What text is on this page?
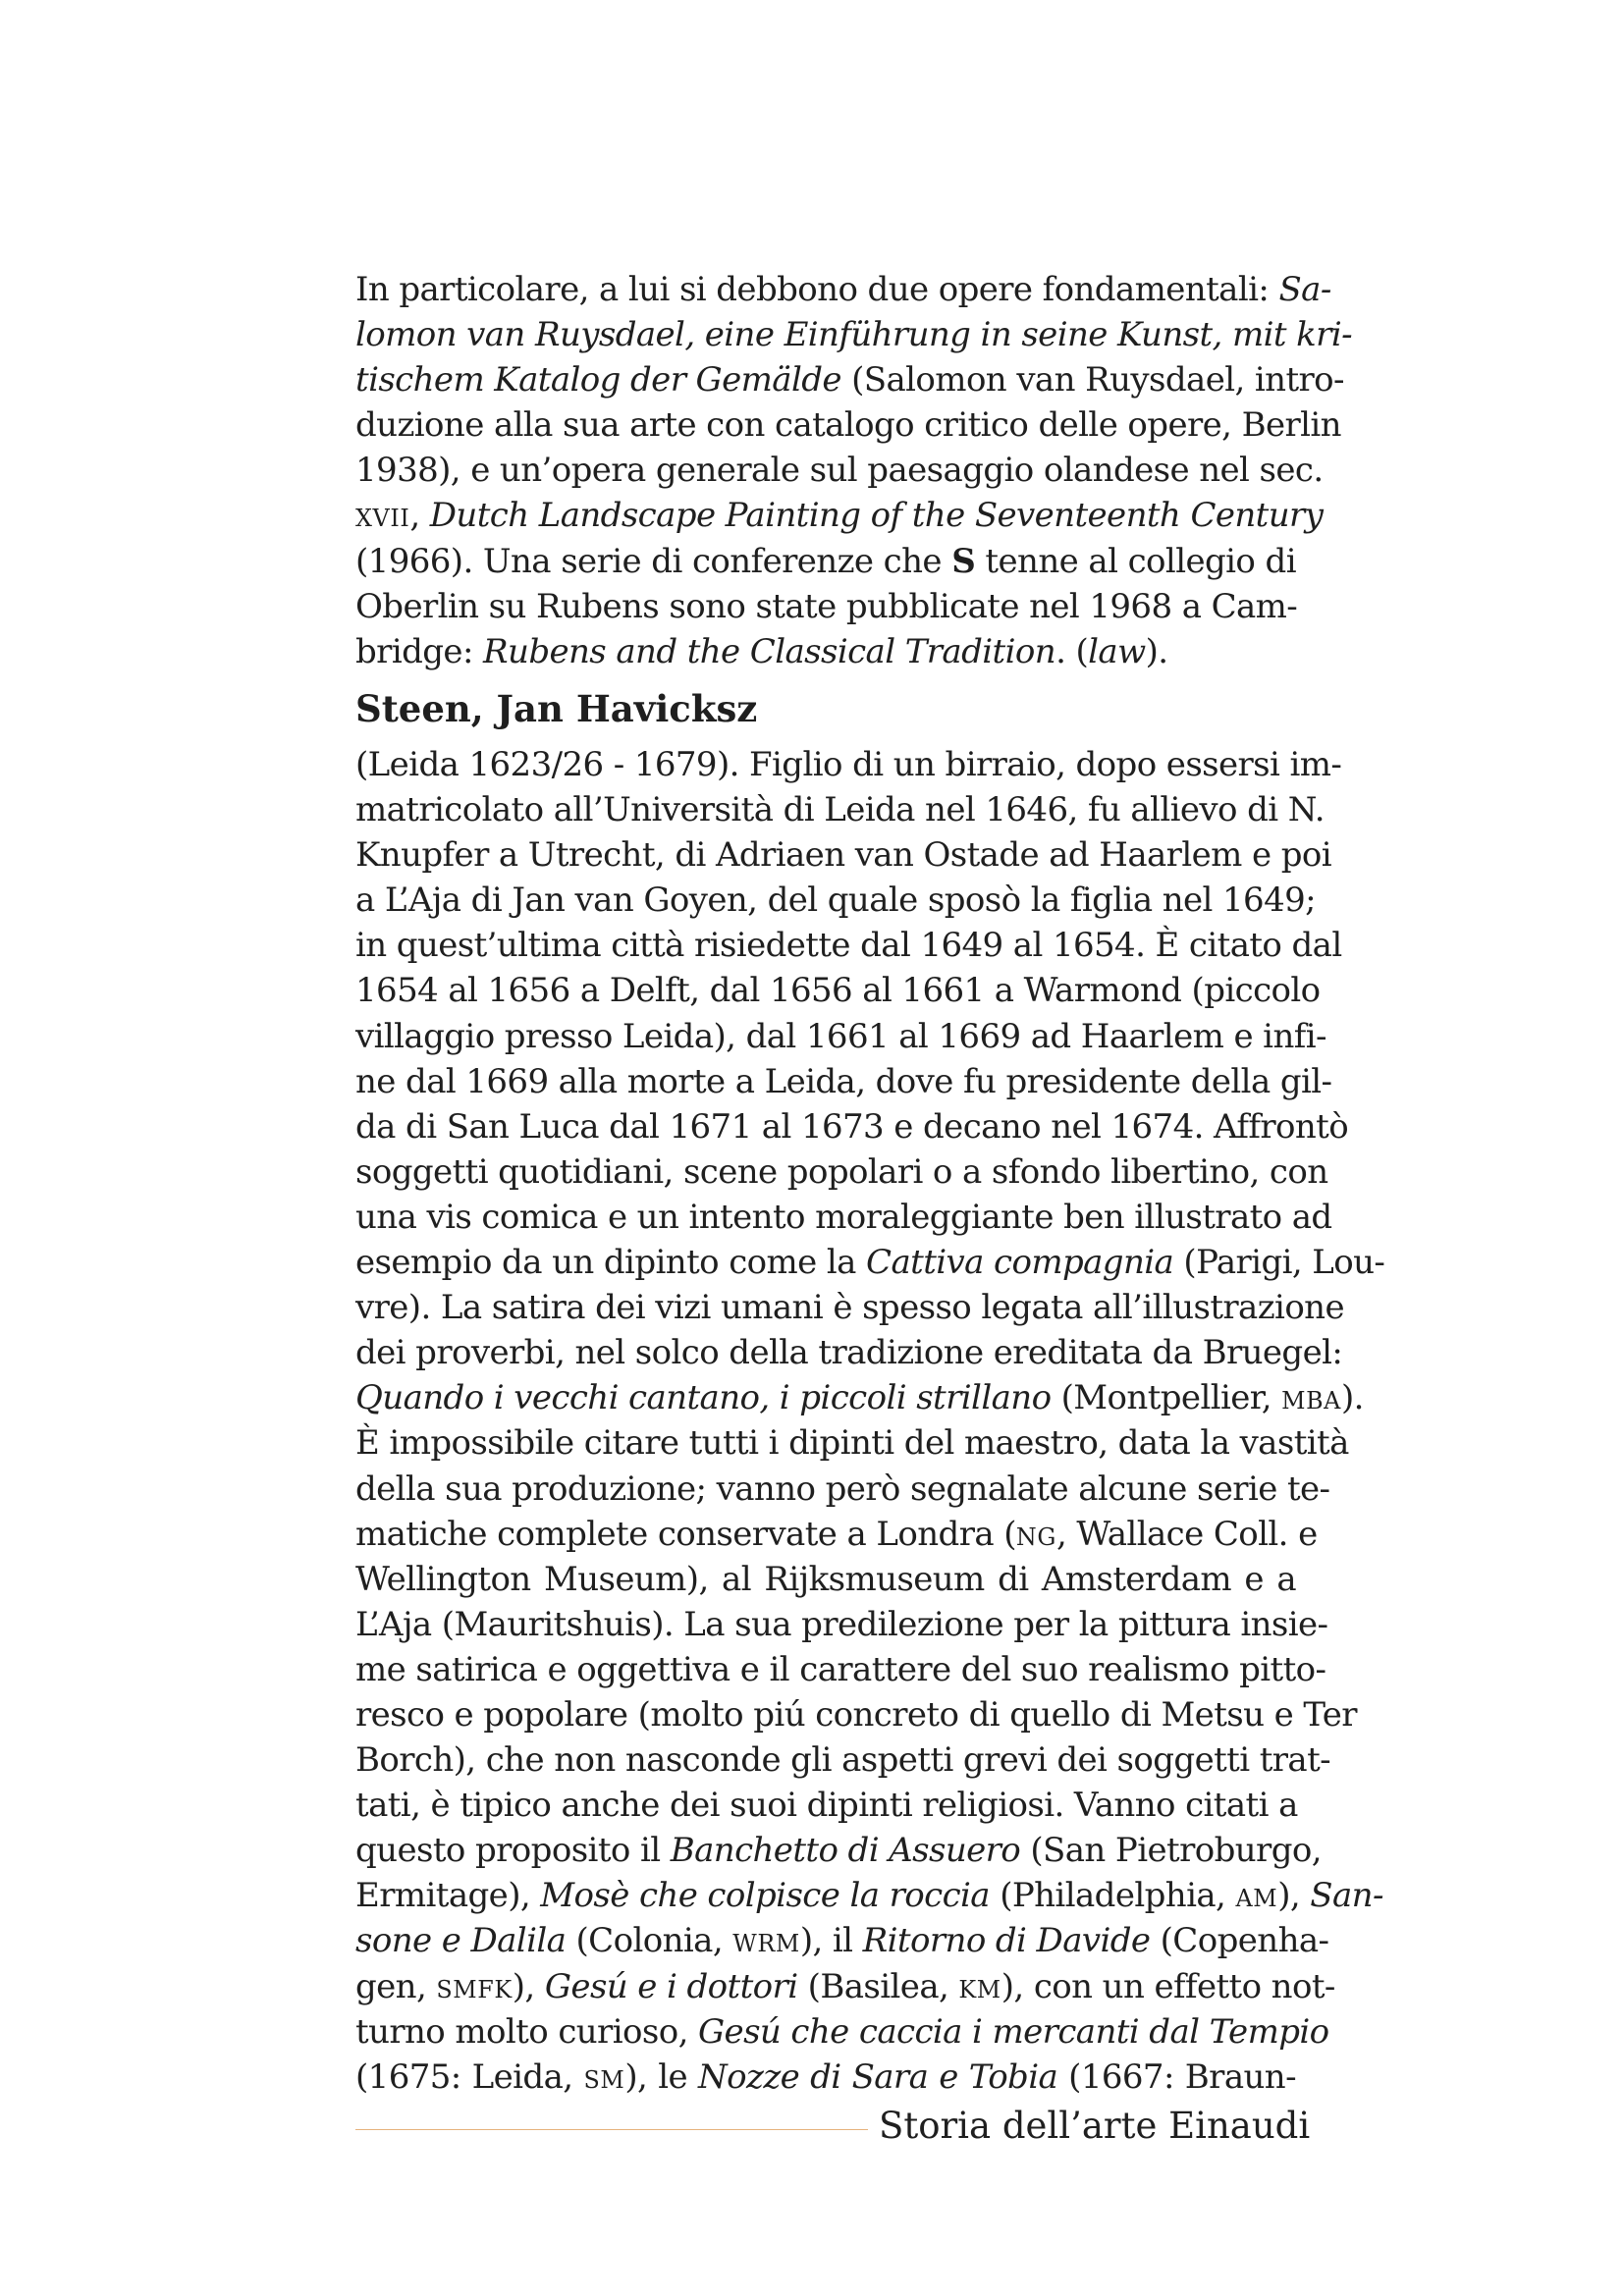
In particolare, a lui si debbono due opere fondamentali: Sa-
lomon van Ruysdael, eine Einführung in seine Kunst, mit kri-
tischem Katalog der Gemälde (Salomon van Ruysdael, intro-
duzione alla sua arte con catalogo critico delle opere, Berlin
1938), e un’opera generale sul paesaggio olandese nel sec.
XVII, Dutch Landscape Painting of the Seventeenth Century
(1966). Una serie di conferenze che S tenne al collegio di
Oberlin su Rubens sono state pubblicate nel 1968 a Cam-
bridge: Rubens and the Classical Tradition. (law).
Steen, Jan Havicksz
(Leida 1623/26 - 1679). Figlio di un birraio, dopo essersi im-
matricolato all’Università di Leida nel 1646, fu allievo di N.
Knupfer a Utrecht, di Adriaen van Ostade ad Haarlem e poi
a L’Aja di Jan van Goyen, del quale sposò la figlia nel 1649;
in quest’ultima città risiedette dal 1649 al 1654. È citato dal
1654 al 1656 a Delft, dal 1656 al 1661 a Warmond (piccolo
villaggio presso Leida), dal 1661 al 1669 ad Haarlem e infi-
ne dal 1669 alla morte a Leida, dove fu presidente della gil-
da di San Luca dal 1671 al 1673 e decano nel 1674. Affrontò
soggetti quotidiani, scene popolari o a sfondo libertino, con
una vis comica e un intento moraleggiante ben illustrato ad
esempio da un dipinto come la Cattiva compagnia (Parigi, Lou-
vre). La satira dei vizi umani è spesso legata all’illustrazione
dei proverbi, nel solco della tradizione ereditata da Bruegel:
Quando i vecchi cantano, i piccoli strillano (Montpellier, MBA).
È impossibile citare tutti i dipinti del maestro, data la vastità
della sua produzione; vanno però segnalate alcune serie te-
matiche complete conservate a Londra (NG, Wallace Coll. e
Wellington Museum), al Rijksmuseum di Amsterdam e a
L’Aja (Mauritshuis). La sua predilezione per la pittura insie-
me satirica e oggettiva e il carattere del suo realismo pitto-
resco e popolare (molto piú concreto di quello di Metsu e Ter
Borch), che non nasconde gli aspetti grevi dei soggetti trat-
tati, è tipico anche dei suoi dipinti religiosi. Vanno citati a
questo proposito il Banchetto di Assuero (San Pietroburgo,
Ermitage), Mosè che colpisce la roccia (Philadelphia, AM), San-
sone e Dalila (Colonia, WRM), il Ritorno di Davide (Copenha-
gen, SMFK), Gesú e i dottori (Basilea, KM), con un effetto not-
turno molto curioso, Gesú che caccia i mercanti dal Tempio
(1675: Leida, SM), le Nozze di Sara e Tobia (1667: Braun-
Storia dell’arte Einaudi
